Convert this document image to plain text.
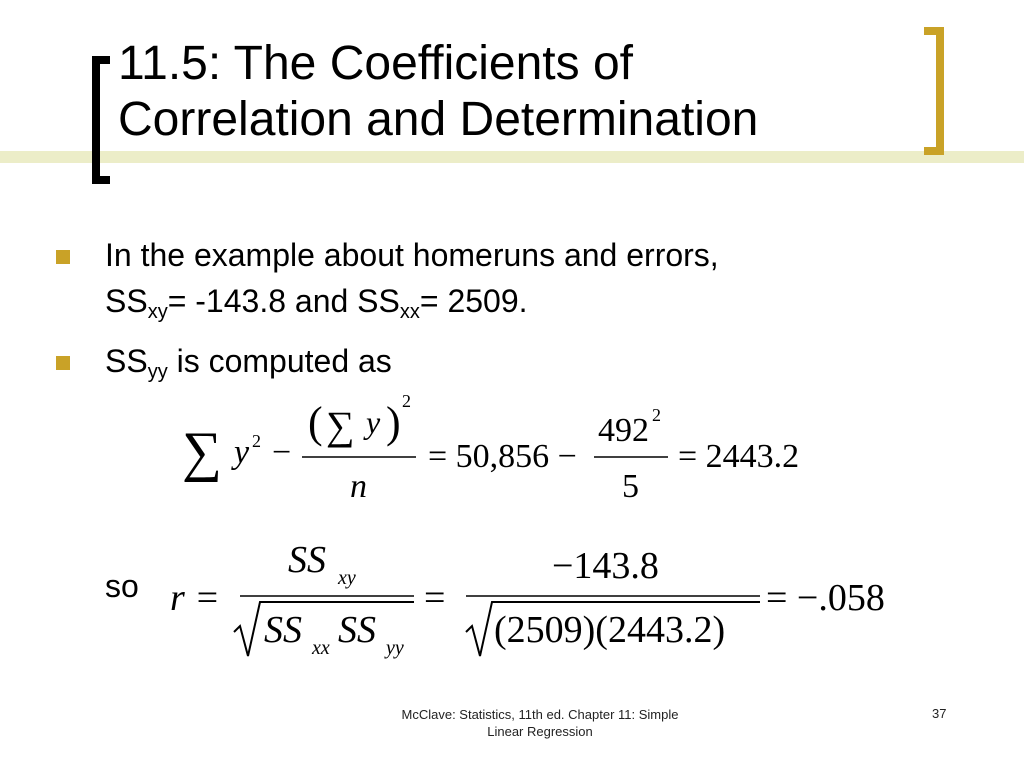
11.5: The Coefficients of
Correlation and Determination
In the example about homeruns and errors,
$SS_{xy}= -143.8$ and $SS_{xx}= 2509$.
$SS_{yy}$ is computed as
∑ y 2 −
( ∑ y ) 2
n
= 50,856 −
492 2
5
= 2443.2
so r =
SS xy
SS xx SS yy
=
−143.8
(2509)(2443.2)
= −.058
McClave: Statistics, 11th ed. Chapter 11: Simple
Linear Regression
37
